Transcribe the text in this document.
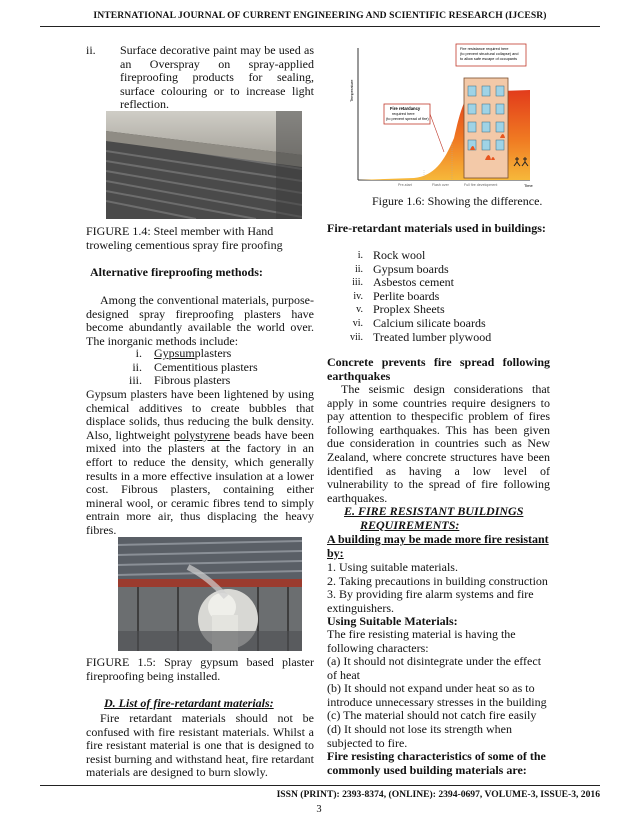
INTERNATIONAL JOURNAL OF CURRENT ENGINEERING AND SCIENTIFIC RESEARCH (IJCESR)
ii.	Surface decorative paint may be used as
an Overspray on spray-applied
fireproofing products for sealing,
surface colouring or to increase light
reflection.
FIGURE 1.4: Steel member with Hand troweling cementious spray fire proofing
Alternative fireproofing methods:
Among the conventional materials, purpose-designed spray fireproofing plasters have become abundantly available the world over. The inorganic methods include:
i.	Gypsum plasters
ii.	Cementitious plasters
iii.	Fibrous plasters
Gypsum plasters have been lightened by using chemical additives to create bubbles that displace solids, thus reducing the bulk density. Also, lightweight polystyrene beads have been mixed into the plasters at the factory in an effort to reduce the density, which generally results in a more effective insulation at a lower cost. Fibrous plasters, containing either mineral wool, or ceramic fibres tend to simply entrain more air, thus displacing the heavy fibres.
FIGURE 1.5: Spray gypsum based plaster fireproofing being installed.
D. List of fire-retardant materials:
Fire retardant materials should not be confused with fire resistant materials. Whilst a fire resistant material is one that is designed to resist burning and withstand heat, fire retardant materials are designed to burn slowly.
Fire resistance required here
(to prevent structural collapse) and
to allow safe escape of occupants
Fire retardancy
required here
(to prevent spread of fire)
Temperature
Time
Pre-start	Flash over	Full fire development
Figure 1.6: Showing the difference.
Fire-retardant materials used in buildings:
i. Rock wool
ii. Gypsum boards
iii. Asbestos cement
iv. Perlite boards
v. Proplex Sheets
vi. Calcium silicate boards
vii. Treated lumber plywood
Concrete prevents fire spread following earthquakes
The seismic design considerations that apply in some countries require designers to pay attention to thespecific problem of fires following earthquakes. This has been given due consideration in countries such as New Zealand, where concrete structures have been identified as having a low level of vulnerability to the spread of fire following earthquakes.
E. FIRE RESISTANT BUILDINGS
REQUIREMENTS:
A building may be made more fire resistant by:
1. Using suitable materials.
2. Taking precautions in building construction
3. By providing fire alarm systems and fire extinguishers.
Using Suitable Materials:
The fire resisting material is having the following characters:
(a) It should not disintegrate under the effect of heat
(b) It should not expand under heat so as to introduce unnecessary stresses in the building
(c) The material should not catch fire easily
(d) It should not lose its strength when subjected to fire.
Fire resisting characteristics of some of the commonly used building materials are:
ISSN (PRINT): 2393-8374, (ONLINE): 2394-0697, VOLUME-3, ISSUE-3, 2016
3
